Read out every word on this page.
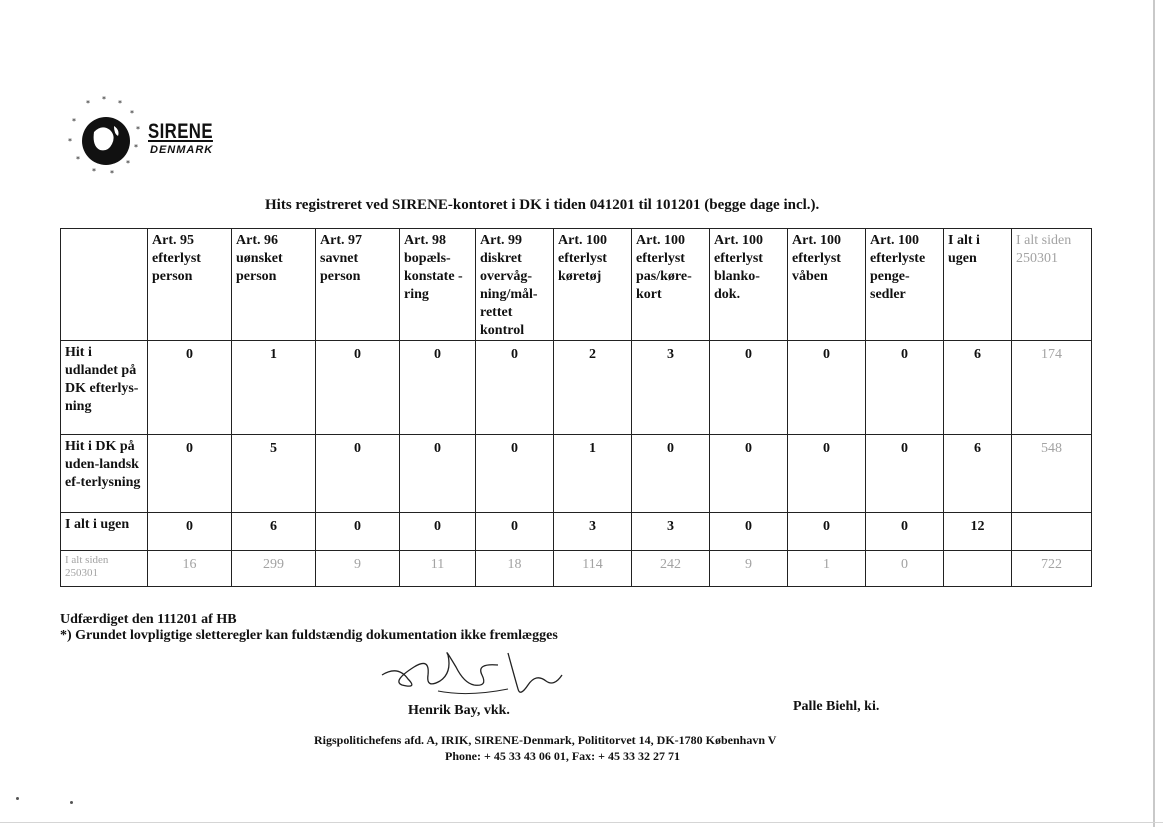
* * *
*
*
*
*
*
*
*
*
*	SIRENE
DENMARK
Hits registreret ved SIRENE-kontoret i DK i tiden 041201 til 101201 (begge dage incl.).
	Art. 95 efterlyst person	Art. 96 uønsket person	Art. 97 savnet person	Art. 98 bopæls-konstate -ring	Art. 99 diskret overvåg-ning/mål-rettet kontrol	Art. 100 efterlyst køretøj	Art. 100 efterlyst pas/køre-kort	Art. 100 efterlyst blanko-dok.	Art. 100 efterlyst våben	Art. 100 efterlyste penge-sedler	I alt i ugen	I alt siden 250301
Hit i udlandet på DK efterlys-ning	0	1	0	0	0	2	3	0	0	0	6	174
Hit i DK på uden-landsk ef-terlysning	0	5	0	0	0	1	0	0	0	0	6	548
I alt i ugen	0	6	0	0	0	3	3	0	0	0	12	
I alt siden 250301	16	299	9	11	18	114	242	9	1	0		722
Udfærdiget den 111201 af HB
*) Grundet lovpligtige sletteregler kan fuldstændig dokumentation ikke fremlægges
Henrik Bay, vkk.	Palle Biehl, ki.
Rigspolitichefens afd. A, IRIK, SIRENE-Denmark, Polititorvet 14, DK-1780 København V
Phone: + 45 33 43 06 01, Fax: + 45 33 32 27 71
